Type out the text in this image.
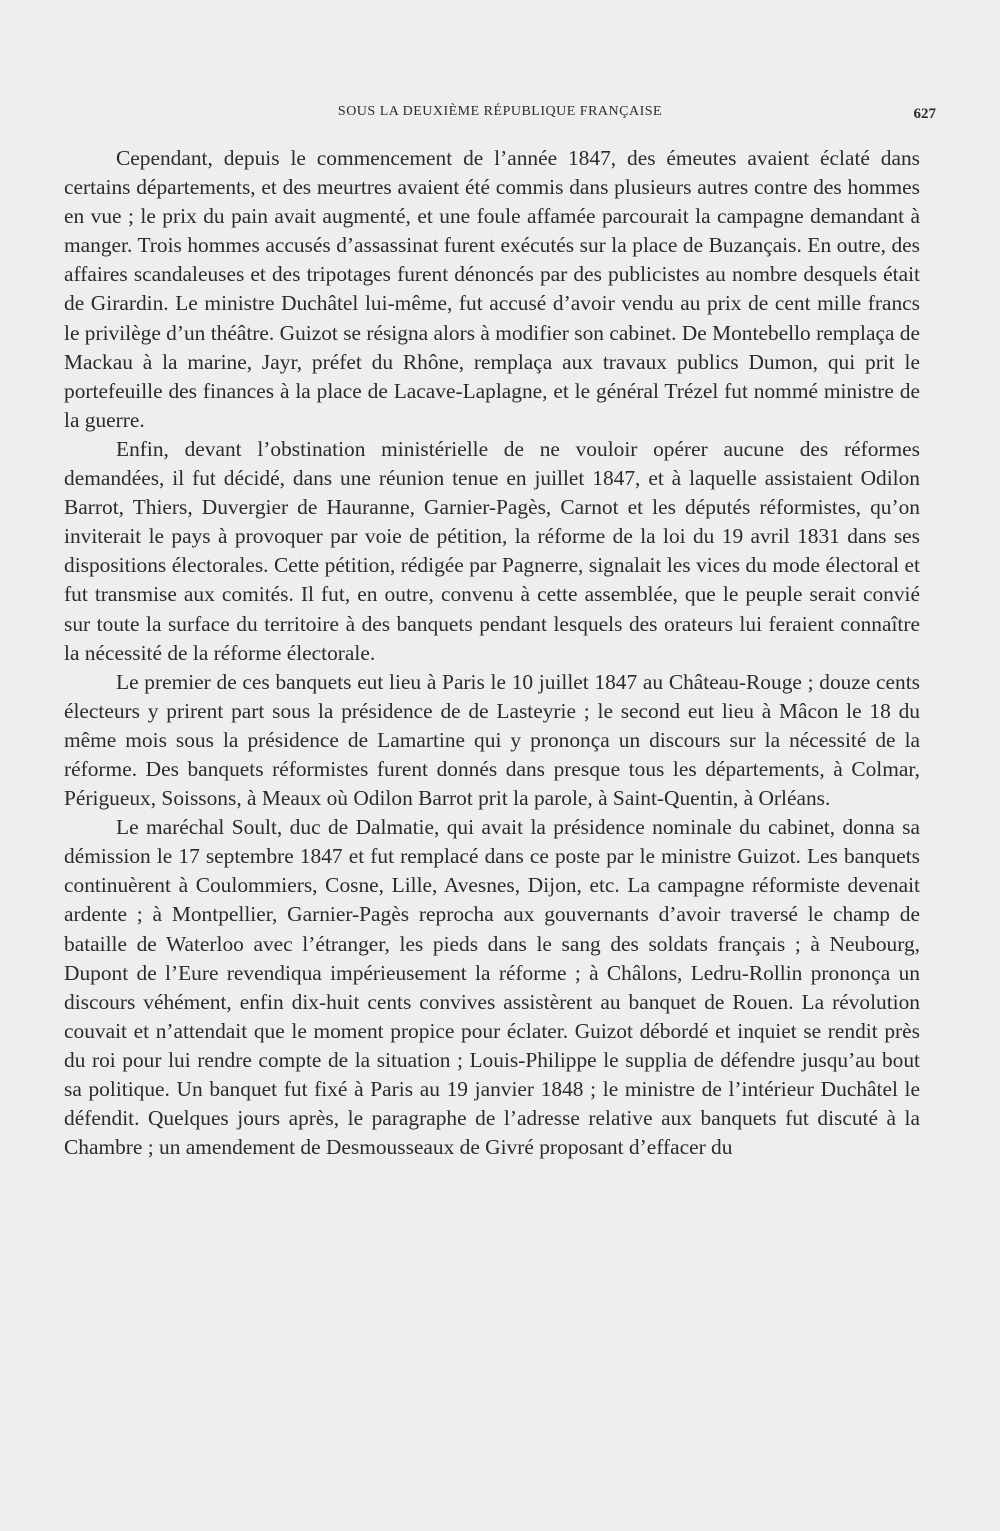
SOUS LA DEUXIÈME RÉPUBLIQUE FRANÇAISE	627

Cependant, depuis le commencement de l’année 1847, des émeutes avaient éclaté dans certains départements, et des meurtres avaient été commis dans plusieurs autres contre des hommes en vue ; le prix du pain avait augmenté, et une foule affamée parcourait la campagne demandant à manger. Trois hommes accusés d’assassinat furent exécutés sur la place de Buzançais. En outre, des affaires scandaleuses et des tripotages furent dénoncés par des publicistes au nombre desquels était de Girardin. Le ministre Duchâtel lui-même, fut accusé d’avoir vendu au prix de cent mille francs le privilège d’un théâtre. Guizot se résigna alors à modifier son cabinet. De Montebello remplaça de Mackau à la marine, Jayr, préfet du Rhône, remplaça aux travaux publics Dumon, qui prit le portefeuille des finances à la place de Lacave-Laplagne, et le général Trézel fut nommé ministre de la guerre.

Enfin, devant l’obstination ministérielle de ne vouloir opérer aucune des réformes demandées, il fut décidé, dans une réunion tenue en juillet 1847, et à laquelle assistaient Odilon Barrot, Thiers, Duvergier de Hauranne, Garnier-Pagès, Carnot et les députés réformistes, qu’on inviterait le pays à provoquer par voie de pétition, la réforme de la loi du 19 avril 1831 dans ses dispositions électorales. Cette pétition, rédigée par Pagnerre, signalait les vices du mode électoral et fut transmise aux comités. Il fut, en outre, convenu à cette assemblée, que le peuple serait convié sur toute la surface du territoire à des banquets pendant lesquels des orateurs lui feraient connaître la nécessité de la réforme électorale.

Le premier de ces banquets eut lieu à Paris le 10 juillet 1847 au Château-Rouge ; douze cents électeurs y prirent part sous la présidence de de Lasteyrie ; le second eut lieu à Mâcon le 18 du même mois sous la présidence de Lamartine qui y prononça un discours sur la nécessité de la réforme. Des banquets réformistes furent donnés dans presque tous les départements, à Colmar, Périgueux, Soissons, à Meaux où Odilon Barrot prit la parole, à Saint-Quentin, à Orléans.

Le maréchal Soult, duc de Dalmatie, qui avait la présidence nominale du cabinet, donna sa démission le 17 septembre 1847 et fut remplacé dans ce poste par le ministre Guizot. Les banquets continuèrent à Coulommiers, Cosne, Lille, Avesnes, Dijon, etc. La campagne réformiste devenait ardente ; à Montpellier, Garnier-Pagès reprocha aux gouvernants d’avoir traversé le champ de bataille de Waterloo avec l’étranger, les pieds dans le sang des soldats français ; à Neubourg, Dupont de l’Eure revendiqua impérieusement la réforme ; à Châlons, Ledru-Rollin prononça un discours véhément, enfin dix-huit cents convives assistèrent au banquet de Rouen. La révolution couvait et n’attendait que le moment propice pour éclater. Guizot débordé et inquiet se rendit près du roi pour lui rendre compte de la situation ; Louis-Philippe le supplia de défendre jusqu’au bout sa politique. Un banquet fut fixé à Paris au 19 janvier 1848 ; le ministre de l’intérieur Duchâtel le défendit. Quelques jours après, le paragraphe de l’adresse relative aux banquets fut discuté à la Chambre ; un amendement de Desmousseaux de Givré proposant d’effacer du
